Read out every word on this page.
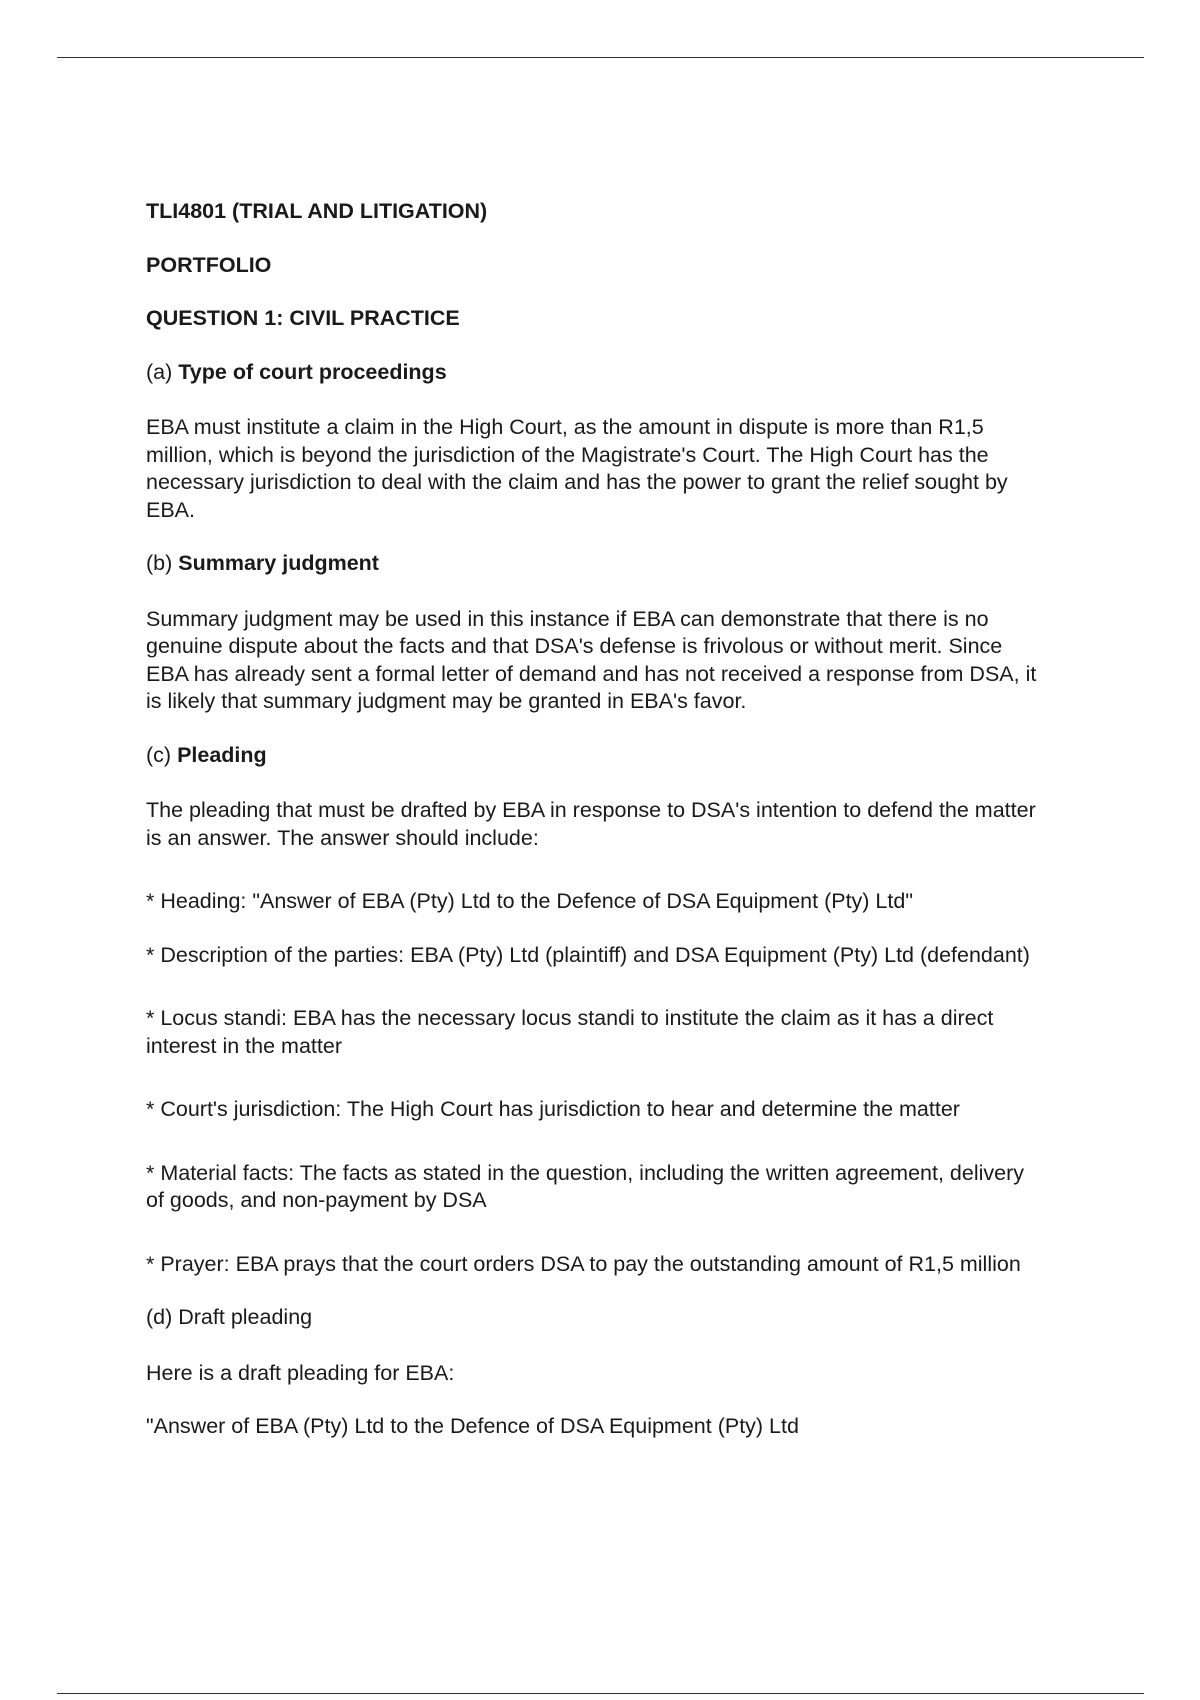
TLI4801 (TRIAL AND LITIGATION)

PORTFOLIO

QUESTION 1: CIVIL PRACTICE

(a) Type of court proceedings

EBA must institute a claim in the High Court, as the amount in dispute is more than R1,5 million, which is beyond the jurisdiction of the Magistrate's Court. The High Court has the necessary jurisdiction to deal with the claim and has the power to grant the relief sought by EBA.

(b) Summary judgment

Summary judgment may be used in this instance if EBA can demonstrate that there is no genuine dispute about the facts and that DSA's defense is frivolous or without merit. Since EBA has already sent a formal letter of demand and has not received a response from DSA, it is likely that summary judgment may be granted in EBA's favor.

(c) Pleading

The pleading that must be drafted by EBA in response to DSA's intention to defend the matter is an answer. The answer should include:

* Heading: "Answer of EBA (Pty) Ltd to the Defence of DSA Equipment (Pty) Ltd"

* Description of the parties: EBA (Pty) Ltd (plaintiff) and DSA Equipment (Pty) Ltd (defendant)

* Locus standi: EBA has the necessary locus standi to institute the claim as it has a direct interest in the matter

* Court's jurisdiction: The High Court has jurisdiction to hear and determine the matter

* Material facts: The facts as stated in the question, including the written agreement, delivery of goods, and non-payment by DSA

* Prayer: EBA prays that the court orders DSA to pay the outstanding amount of R1,5 million

(d) Draft pleading

Here is a draft pleading for EBA:

"Answer of EBA (Pty) Ltd to the Defence of DSA Equipment (Pty) Ltd
